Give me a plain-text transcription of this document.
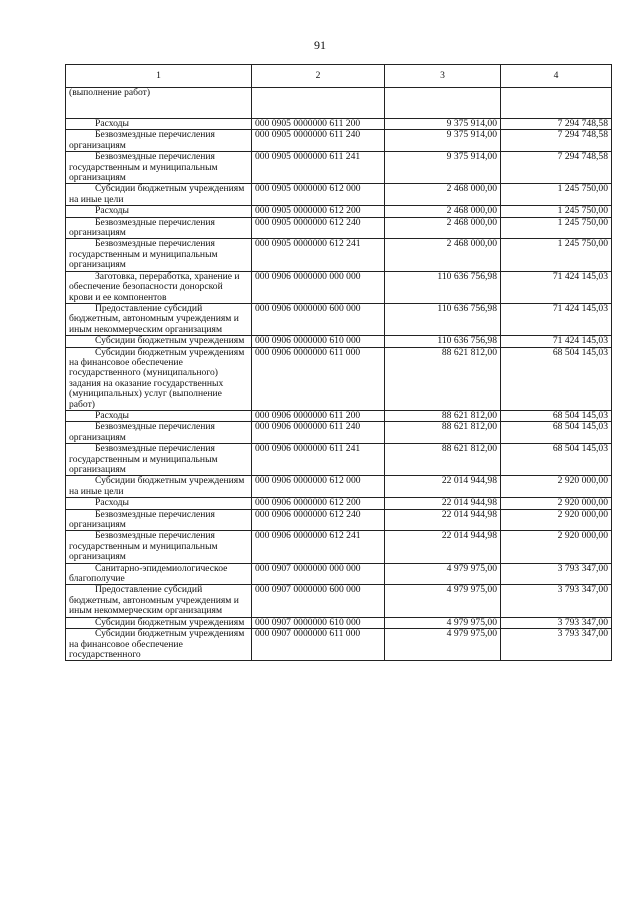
91
1	2	3	4
(выполнение работ)			
Расходы	000 0905 0000000 611 200	9 375 914,00	7 294 748,58
Безвозмездные перечисления организациям	000 0905 0000000 611 240	9 375 914,00	7 294 748,58
Безвозмездные перечисления государственным и муниципальным организациям	000 0905 0000000 611 241	9 375 914,00	7 294 748,58
Субсидии бюджетным учреждениям на иные цели	000 0905 0000000 612 000	2 468 000,00	1 245 750,00
Расходы	000 0905 0000000 612 200	2 468 000,00	1 245 750,00
Безвозмездные перечисления организациям	000 0905 0000000 612 240	2 468 000,00	1 245 750,00
Безвозмездные перечисления государственным и муниципальным организациям	000 0905 0000000 612 241	2 468 000,00	1 245 750,00
Заготовка, переработка, хранение и обеспечение безопасности донорской крови и ее компонентов	000 0906 0000000 000 000	110 636 756,98	71 424 145,03
Предоставление субсидий бюджетным, автономным учреждениям и иным некоммерческим организациям	000 0906 0000000 600 000	110 636 756,98	71 424 145,03
Субсидии бюджетным учреждениям	000 0906 0000000 610 000	110 636 756,98	71 424 145,03
Субсидии бюджетным учреждениям на финансовое обеспечение государственного (муниципального) задания на оказание государственных (муниципальных) услуг (выполнение работ)	000 0906 0000000 611 000	88 621 812,00	68 504 145,03
Расходы	000 0906 0000000 611 200	88 621 812,00	68 504 145,03
Безвозмездные перечисления организациям	000 0906 0000000 611 240	88 621 812,00	68 504 145,03
Безвозмездные перечисления государственным и муниципальным организациям	000 0906 0000000 611 241	88 621 812,00	68 504 145,03
Субсидии бюджетным учреждениям на иные цели	000 0906 0000000 612 000	22 014 944,98	2 920 000,00
Расходы	000 0906 0000000 612 200	22 014 944,98	2 920 000,00
Безвозмездные перечисления организациям	000 0906 0000000 612 240	22 014 944,98	2 920 000,00
Безвозмездные перечисления государственным и муниципальным организациям	000 0906 0000000 612 241	22 014 944,98	2 920 000,00
Санитарно-эпидемиологическое благополучие	000 0907 0000000 000 000	4 979 975,00	3 793 347,00
Предоставление субсидий бюджетным, автономным учреждениям и иным некоммерческим организациям	000 0907 0000000 600 000	4 979 975,00	3 793 347,00
Субсидии бюджетным учреждениям	000 0907 0000000 610 000	4 979 975,00	3 793 347,00
Субсидии бюджетным учреждениям на финансовое обеспечение государственного	000 0907 0000000 611 000	4 979 975,00	3 793 347,00
